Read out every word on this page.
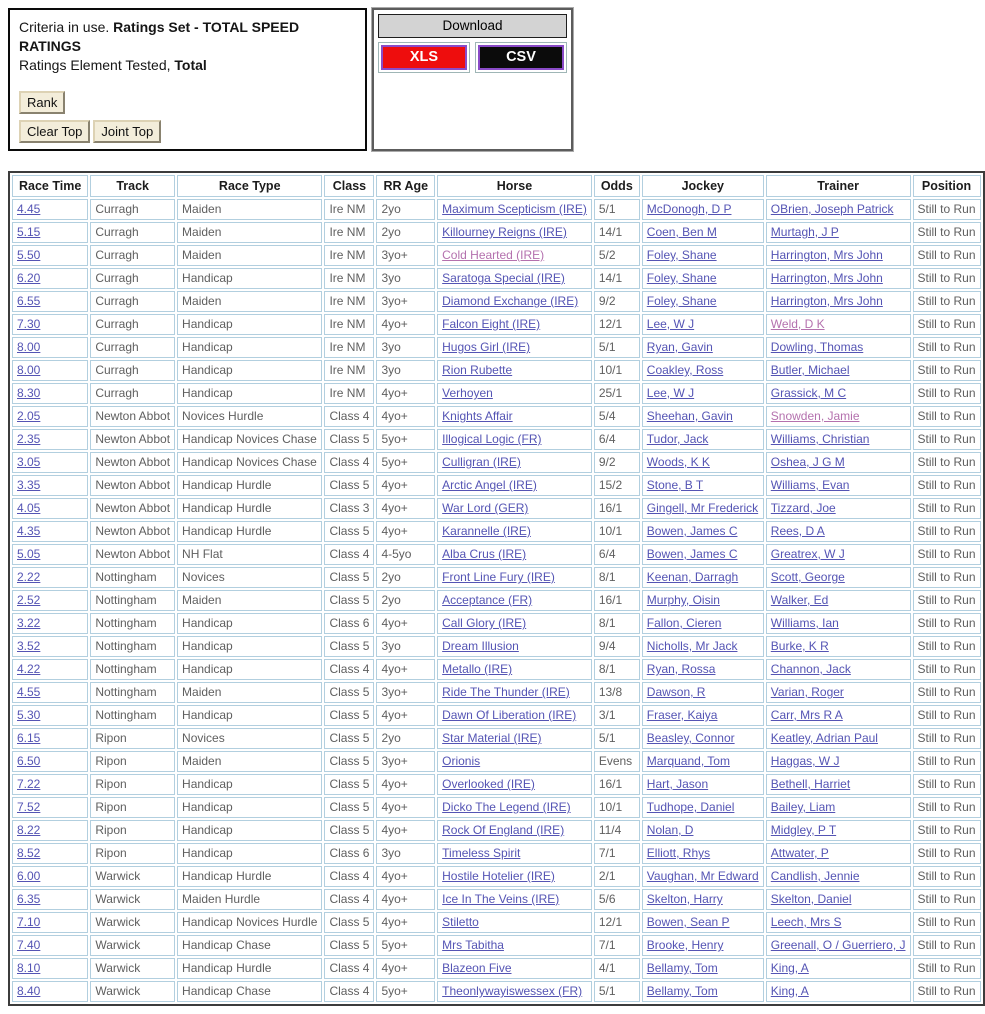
Criteria in use. Ratings Set - TOTAL SPEED RATINGS
Ratings Element Tested, Total
Rank
Clear Top	Joint Top
Download
XLS	CSV
Race Time	Track	Race Type	Class	RR Age	Horse	Odds	Jockey	Trainer	Position
4.45	Curragh	Maiden	Ire NM	2yo	Maximum Scepticism (IRE)	5/1	McDonogh, D P	OBrien, Joseph Patrick	Still to Run
5.15	Curragh	Maiden	Ire NM	2yo	Killourney Reigns (IRE)	14/1	Coen, Ben M	Murtagh, J P	Still to Run
5.50	Curragh	Maiden	Ire NM	3yo+	Cold Hearted (IRE)	5/2	Foley, Shane	Harrington, Mrs John	Still to Run
6.20	Curragh	Handicap	Ire NM	3yo	Saratoga Special (IRE)	14/1	Foley, Shane	Harrington, Mrs John	Still to Run
6.55	Curragh	Maiden	Ire NM	3yo+	Diamond Exchange (IRE)	9/2	Foley, Shane	Harrington, Mrs John	Still to Run
7.30	Curragh	Handicap	Ire NM	4yo+	Falcon Eight (IRE)	12/1	Lee, W J	Weld, D K	Still to Run
8.00	Curragh	Handicap	Ire NM	3yo	Hugos Girl (IRE)	5/1	Ryan, Gavin	Dowling, Thomas	Still to Run
8.00	Curragh	Handicap	Ire NM	3yo	Rion Rubette	10/1	Coakley, Ross	Butler, Michael	Still to Run
8.30	Curragh	Handicap	Ire NM	4yo+	Verhoyen	25/1	Lee, W J	Grassick, M C	Still to Run
2.05	Newton Abbot	Novices Hurdle	Class 4	4yo+	Knights Affair	5/4	Sheehan, Gavin	Snowden, Jamie	Still to Run
2.35	Newton Abbot	Handicap Novices Chase	Class 5	5yo+	Illogical Logic (FR)	6/4	Tudor, Jack	Williams, Christian	Still to Run
3.05	Newton Abbot	Handicap Novices Chase	Class 4	5yo+	Culligran (IRE)	9/2	Woods, K K	Oshea, J G M	Still to Run
3.35	Newton Abbot	Handicap Hurdle	Class 5	4yo+	Arctic Angel (IRE)	15/2	Stone, B T	Williams, Evan	Still to Run
4.05	Newton Abbot	Handicap Hurdle	Class 3	4yo+	War Lord (GER)	16/1	Gingell, Mr Frederick	Tizzard, Joe	Still to Run
4.35	Newton Abbot	Handicap Hurdle	Class 5	4yo+	Karannelle (IRE)	10/1	Bowen, James C	Rees, D A	Still to Run
5.05	Newton Abbot	NH Flat	Class 4	4-5yo	Alba Crus (IRE)	6/4	Bowen, James C	Greatrex, W J	Still to Run
2.22	Nottingham	Novices	Class 5	2yo	Front Line Fury (IRE)	8/1	Keenan, Darragh	Scott, George	Still to Run
2.52	Nottingham	Maiden	Class 5	2yo	Acceptance (FR)	16/1	Murphy, Oisin	Walker, Ed	Still to Run
3.22	Nottingham	Handicap	Class 6	4yo+	Call Glory (IRE)	8/1	Fallon, Cieren	Williams, Ian	Still to Run
3.52	Nottingham	Handicap	Class 5	3yo	Dream Illusion	9/4	Nicholls, Mr Jack	Burke, K R	Still to Run
4.22	Nottingham	Handicap	Class 4	4yo+	Metallo (IRE)	8/1	Ryan, Rossa	Channon, Jack	Still to Run
4.55	Nottingham	Maiden	Class 5	3yo+	Ride The Thunder (IRE)	13/8	Dawson, R	Varian, Roger	Still to Run
5.30	Nottingham	Handicap	Class 5	4yo+	Dawn Of Liberation (IRE)	3/1	Fraser, Kaiya	Carr, Mrs R A	Still to Run
6.15	Ripon	Novices	Class 5	2yo	Star Material (IRE)	5/1	Beasley, Connor	Keatley, Adrian Paul	Still to Run
6.50	Ripon	Maiden	Class 5	3yo+	Orionis	Evens	Marquand, Tom	Haggas, W J	Still to Run
7.22	Ripon	Handicap	Class 5	4yo+	Overlooked (IRE)	16/1	Hart, Jason	Bethell, Harriet	Still to Run
7.52	Ripon	Handicap	Class 5	4yo+	Dicko The Legend (IRE)	10/1	Tudhope, Daniel	Bailey, Liam	Still to Run
8.22	Ripon	Handicap	Class 5	4yo+	Rock Of England (IRE)	11/4	Nolan, D	Midgley, P T	Still to Run
8.52	Ripon	Handicap	Class 6	3yo	Timeless Spirit	7/1	Elliott, Rhys	Attwater, P	Still to Run
6.00	Warwick	Handicap Hurdle	Class 4	4yo+	Hostile Hotelier (IRE)	2/1	Vaughan, Mr Edward	Candlish, Jennie	Still to Run
6.35	Warwick	Maiden Hurdle	Class 4	4yo+	Ice In The Veins (IRE)	5/6	Skelton, Harry	Skelton, Daniel	Still to Run
7.10	Warwick	Handicap Novices Hurdle	Class 5	4yo+	Stiletto	12/1	Bowen, Sean P	Leech, Mrs S	Still to Run
7.40	Warwick	Handicap Chase	Class 5	5yo+	Mrs Tabitha	7/1	Brooke, Henry	Greenall, O / Guerriero, J	Still to Run
8.10	Warwick	Handicap Hurdle	Class 4	4yo+	Blazeon Five	4/1	Bellamy, Tom	King, A	Still to Run
8.40	Warwick	Handicap Chase	Class 4	5yo+	Theonlywayiswessex (FR)	5/1	Bellamy, Tom	King, A	Still to Run
